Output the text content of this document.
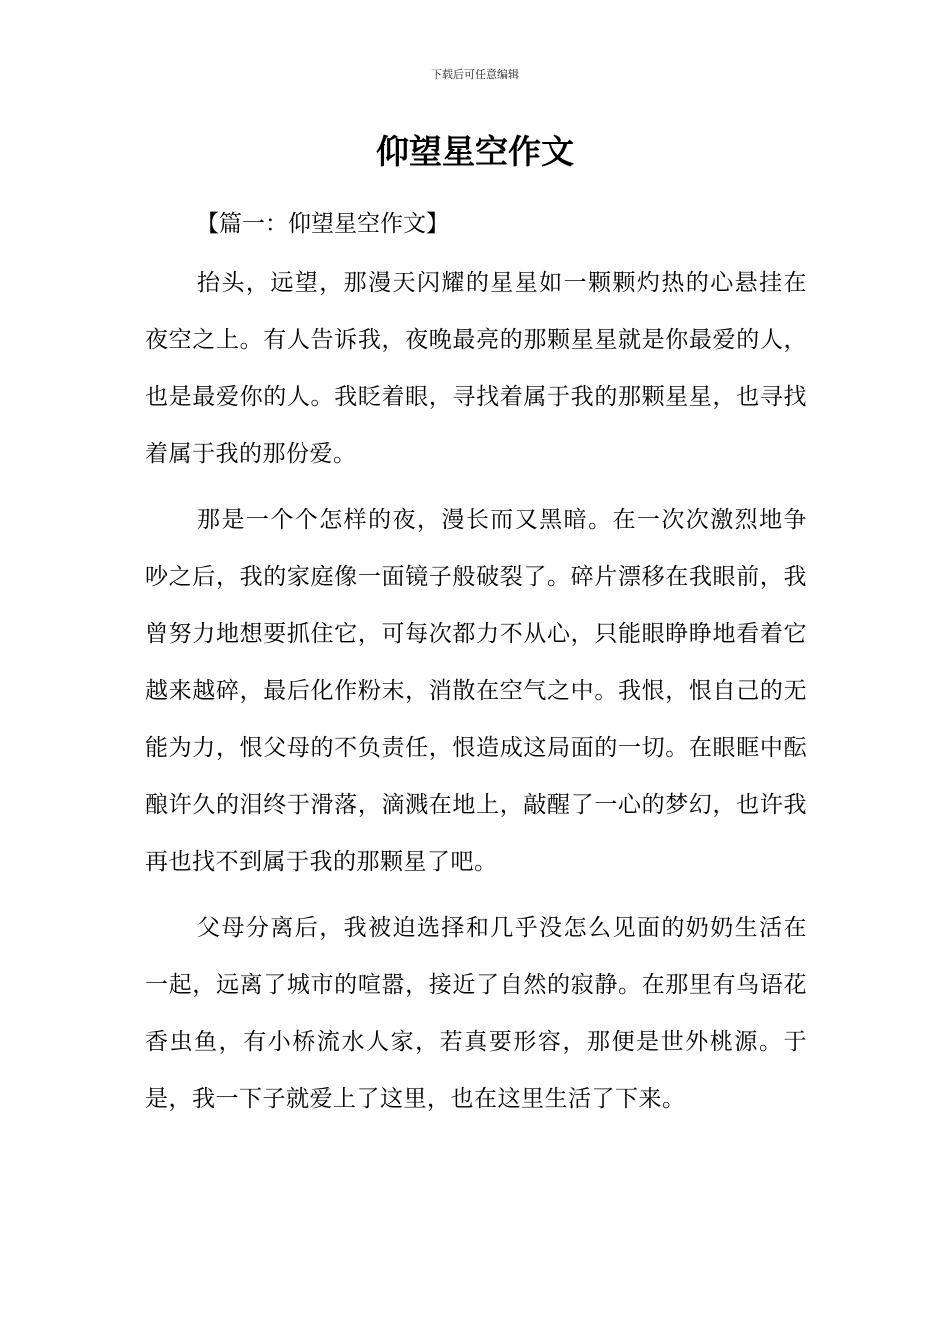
下载后可任意编辑
仰望星空作文
【篇一：仰望星空作文】

抬头，远望，那漫天闪耀的星星如一颗颗灼热的心悬挂在夜空之上。有人告诉我，夜晚最亮的那颗星星就是你最爱的人，也是最爱你的人。我眨着眼，寻找着属于我的那颗星星，也寻找着属于我的那份爱。

那是一个个怎样的夜，漫长而又黑暗。在一次次激烈地争吵之后，我的家庭像一面镜子般破裂了。碎片漂移在我眼前，我曾努力地想要抓住它，可每次都力不从心，只能眼睁睁地看着它越来越碎，最后化作粉末，消散在空气之中。我恨，恨自己的无能为力，恨父母的不负责任，恨造成这局面的一切。在眼眶中酝酿许久的泪终于滑落，滴溅在地上，敲醒了一心的梦幻，也许我再也找不到属于我的那颗星了吧。

父母分离后，我被迫选择和几乎没怎么见面的奶奶生活在一起，远离了城市的喧嚣，接近了自然的寂静。在那里有鸟语花香虫鱼，有小桥流水人家，若真要形容，那便是世外桃源。于是，我一下子就爱上了这里，也在这里生活了下来。
